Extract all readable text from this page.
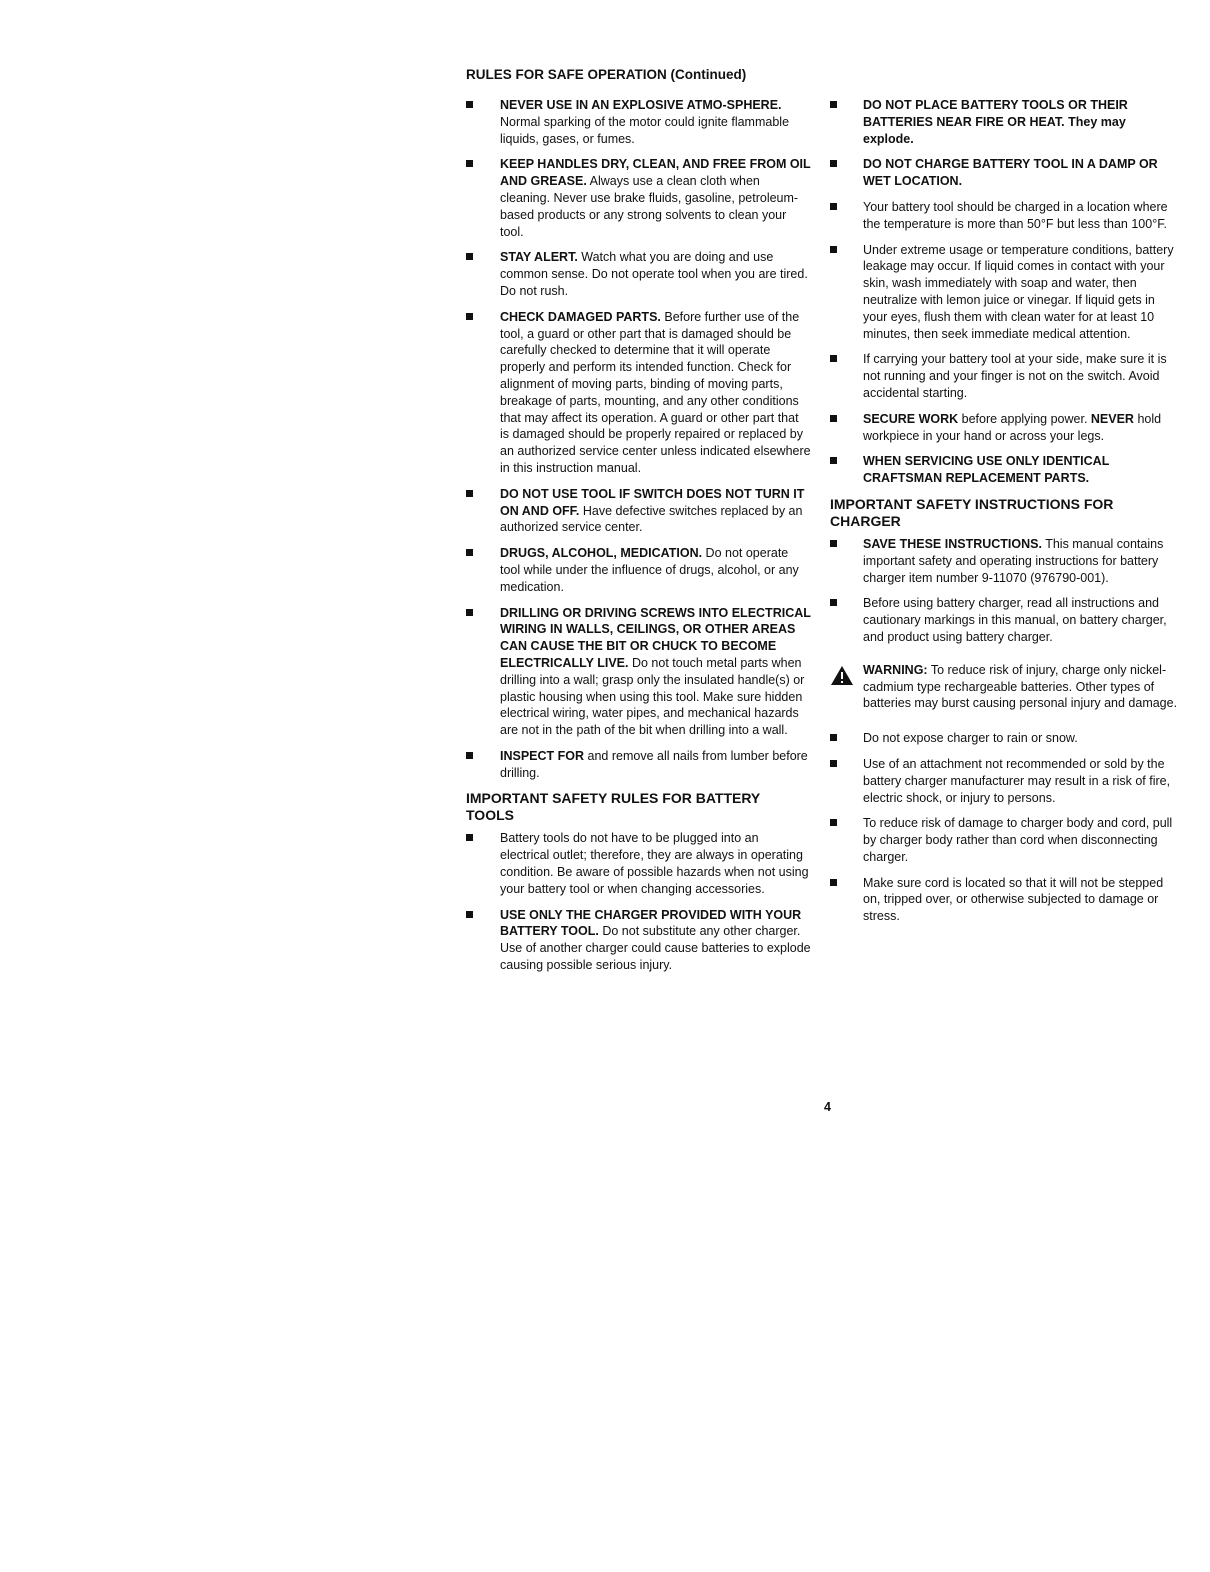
RULES FOR SAFE OPERATION (Continued)
NEVER USE IN AN EXPLOSIVE ATMO-SPHERE. Normal sparking of the motor could ignite flammable liquids, gases, or fumes.
KEEP HANDLES DRY, CLEAN, AND FREE FROM OIL AND GREASE. Always use a clean cloth when cleaning. Never use brake fluids, gasoline, petroleum-based products or any strong solvents to clean your tool.
STAY ALERT. Watch what you are doing and use common sense. Do not operate tool when you are tired. Do not rush.
CHECK DAMAGED PARTS. Before further use of the tool, a guard or other part that is damaged should be carefully checked to determine that it will operate properly and perform its intended function. Check for alignment of moving parts, binding of moving parts, breakage of parts, mounting, and any other conditions that may affect its operation. A guard or other part that is damaged should be properly repaired or replaced by an authorized service center unless indicated elsewhere in this instruction manual.
DO NOT USE TOOL IF SWITCH DOES NOT TURN IT ON AND OFF. Have defective switches replaced by an authorized service center.
DRUGS, ALCOHOL, MEDICATION. Do not operate tool while under the influence of drugs, alcohol, or any medication.
DRILLING OR DRIVING SCREWS INTO ELECTRICAL WIRING IN WALLS, CEILINGS, OR OTHER AREAS CAN CAUSE THE BIT OR CHUCK TO BECOME ELECTRICALLY LIVE. Do not touch metal parts when drilling into a wall; grasp only the insulated handle(s) or plastic housing when using this tool. Make sure hidden electrical wiring, water pipes, and mechanical hazards are not in the path of the bit when drilling into a wall.
INSPECT FOR and remove all nails from lumber before drilling.
IMPORTANT SAFETY RULES FOR BATTERY TOOLS
Battery tools do not have to be plugged into an electrical outlet; therefore, they are always in operating condition. Be aware of possible hazards when not using your battery tool or when changing accessories.
USE ONLY THE CHARGER PROVIDED WITH YOUR BATTERY TOOL. Do not substitute any other charger. Use of another charger could cause batteries to explode causing possible serious injury.
DO NOT PLACE BATTERY TOOLS OR THEIR BATTERIES NEAR FIRE OR HEAT. They may explode.
DO NOT CHARGE BATTERY TOOL IN A DAMP OR WET LOCATION.
Your battery tool should be charged in a location where the temperature is more than 50°F but less than 100°F.
Under extreme usage or temperature conditions, battery leakage may occur. If liquid comes in contact with your skin, wash immediately with soap and water, then neutralize with lemon juice or vinegar. If liquid gets in your eyes, flush them with clean water for at least 10 minutes, then seek immediate medical attention.
If carrying your battery tool at your side, make sure it is not running and your finger is not on the switch. Avoid accidental starting.
SECURE WORK before applying power. NEVER hold workpiece in your hand or across your legs.
WHEN SERVICING USE ONLY IDENTICAL CRAFTSMAN REPLACEMENT PARTS.
IMPORTANT SAFETY INSTRUCTIONS FOR CHARGER
SAVE THESE INSTRUCTIONS. This manual contains important safety and operating instructions for battery charger item number 9-11070 (976790-001).
Before using battery charger, read all instructions and cautionary markings in this manual, on battery charger, and product using battery charger.
WARNING: To reduce risk of injury, charge only nickel-cadmium type rechargeable batteries. Other types of batteries may burst causing personal injury and damage.
Do not expose charger to rain or snow.
Use of an attachment not recommended or sold by the battery charger manufacturer may result in a risk of fire, electric shock, or injury to persons.
To reduce risk of damage to charger body and cord, pull by charger body rather than cord when disconnecting charger.
Make sure cord is located so that it will not be stepped on, tripped over, or otherwise subjected to damage or stress.
4
